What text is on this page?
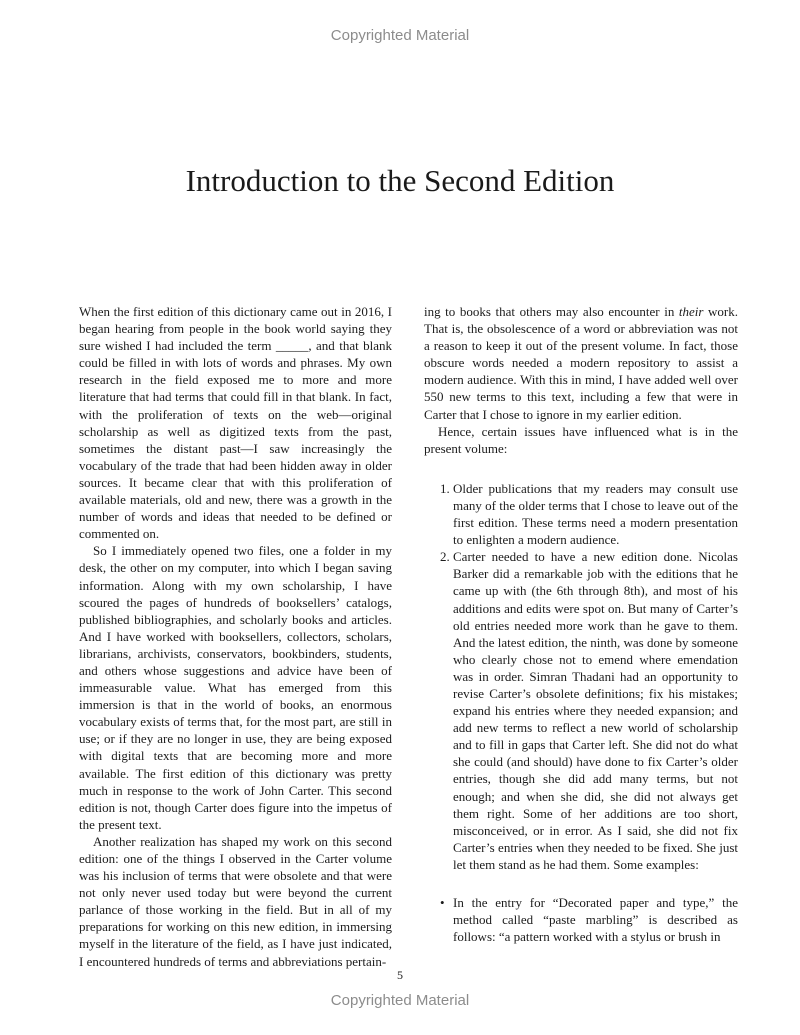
Copyrighted Material
Introduction to the Second Edition

When the first edition of this dictionary came out in 2016, I began hearing from people in the book world saying they sure wished I had included the term _____, and that blank could be filled in with lots of words and phrases. My own research in the field exposed me to more and more literature that had terms that could fill in that blank. In fact, with the proliferation of texts on the web—original scholarship as well as digitized texts from the past, sometimes the distant past—I saw increasingly the vocabulary of the trade that had been hidden away in older sources. It became clear that with this proliferation of available materials, old and new, there was a growth in the number of words and ideas that needed to be defined or commented on.

So I immediately opened two files, one a folder in my desk, the other on my computer, into which I began saving information. Along with my own scholarship, I have scoured the pages of hundreds of booksellers’ catalogs, published bibliographies, and scholarly books and articles. And I have worked with booksellers, collectors, scholars, librarians, archivists, conservators, bookbinders, students, and others whose suggestions and advice have been of immeasurable value. What has emerged from this immersion is that in the world of books, an enormous vocabulary exists of terms that, for the most part, are still in use; or if they are no longer in use, they are being exposed with digital texts that are becoming more and more available. The first edition of this dictionary was pretty much in response to the work of John Carter. This second edition is not, though Carter does figure into the impetus of the present text.

Another realization has shaped my work on this second edition: one of the things I observed in the Carter volume was his inclusion of terms that were obsolete and that were not only never used today but were beyond the current parlance of those working in the field. But in all of my preparations for working on this new edition, in immersing myself in the literature of the field, as I have just indicated, I encountered hundreds of terms and abbreviations pertain-

ing to books that others may also encounter in their work. That is, the obsolescence of a word or abbreviation was not a reason to keep it out of the present volume. In fact, those obscure words needed a modern repository to assist a modern audience. With this in mind, I have added well over 550 new terms to this text, including a few that were in Carter that I chose to ignore in my earlier edition.

Hence, certain issues have influenced what is in the present volume:

1. Older publications that my readers may consult use many of the older terms that I chose to leave out of the first edition. These terms need a modern presentation to enlighten a modern audience.
2. Carter needed to have a new edition done. Nicolas Barker did a remarkable job with the editions that he came up with (the 6th through 8th), and most of his additions and edits were spot on. But many of Carter’s old entries needed more work than he gave to them. And the latest edition, the ninth, was done by someone who clearly chose not to emend where emendation was in order. Simran Thadani had an opportunity to revise Carter’s obsolete definitions; fix his mistakes; expand his entries where they needed expansion; and add new terms to reflect a new world of scholarship and to fill in gaps that Carter left. She did not do what she could (and should) have done to fix Carter’s older entries, though she did add many terms, but not enough; and when she did, she did not always get them right. Some of her additions are too short, misconceived, or in error. As I said, she did not fix Carter’s entries when they needed to be fixed. She just let them stand as he had them. Some examples:
• In the entry for “Decorated paper and type,” the method called “paste marbling” is described as follows: “a pattern worked with a stylus or brush in
5
Copyrighted Material
